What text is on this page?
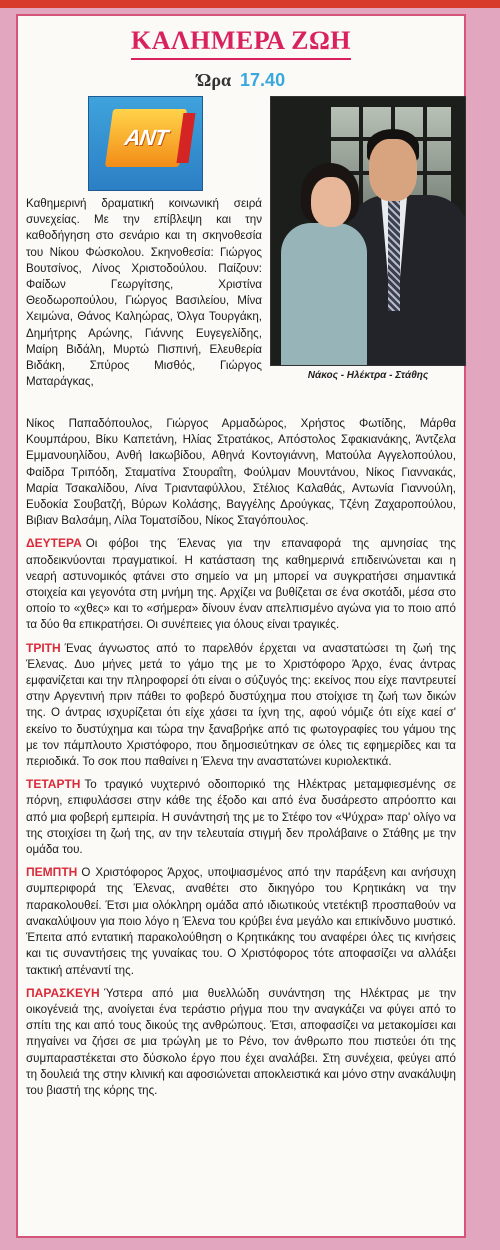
ΚΑΛΗΜΕΡΑ ΖΩΗ
Ώρα 17.40
ΑΝΤ
Καθημερινή δραματική κοινωνική σειρά συνεχείας. Με την επίβλεψη και την καθοδήγηση στο σενάριο και τη σκηνοθεσία του Νίκου Φώσκολου. Σκηνοθεσία: Γιώργος Βουτσίνος, Λίνος Χριστοδούλου. Παίζουν: Φαίδων Γεωργίτσης, Χριστίνα Θεοδωροπούλου, Γιώργος Βασιλείου, Μίνα Χειμώνα, Θάνος Καληώρας, Όλγα Τουργάκη, Δημήτρης Αρώνης, Γιάννης Ευγεγελίδης, Μαίρη Βιδάλη, Μυρτώ Πισπινή, Ελευθερία Βιδάκη, Σπύρος Μισθός, Γιώργος Ματαράγκας,	Νάκος - Ηλέκτρα - Στάθης
Νίκος Παπαδόπουλος, Γιώργος Αρμαδώρος, Χρήστος Φωτίδης, Μάρθα Κουμπάρου, Βίκυ Καπετάνη, Ηλίας Στρατάκος, Απόστολος Σφακιανάκης, Άντζελα Εμμανουηλίδου, Ανθή Ιακωβίδου, Αθηνά Κοντογιάννη, Ματούλα Αγγελοπούλου, Φαίδρα Τριπόδη, Σταματίνα Στουραΐτη, Φούλμαν Μουντάνου, Νίκος Γιαννακάς, Μαρία Τσακαλίδου, Λίνα Τριανταφύλλου, Στέλιος Καλαθάς, Αντωνία Γιαννούλη, Ευδοκία Σουβατζή, Βύρων Κολάσης, Βαγγέλης Δρούγκας, Τζένη Ζαχαροπούλου, Βιβιαν Βαλσάμη, Λίλα Τοματσίδου, Νίκος Σταγόπουλος.
ΔΕΥΤΕΡΑ Οι φόβοι της Έλενας για την επαναφορά της αμνησίας της αποδεικνύονται πραγματικοί. Η κατάσταση της καθημερινά επιδεινώνεται και η νεαρή αστυνομικός φτάνει στο σημείο να μη μπορεί να συγκρατήσει σημαντικά στοιχεία και γεγονότα στη μνήμη της. Αρχίζει να βυθίζεται σε ένα σκοτάδι, μέσα στο οποίο το «χθες» και το «σήμερα» δίνουν έναν απελπισμένο αγώνα για το ποιο από τα δύο θα επικρατήσει. Οι συνέπειες για όλους είναι τραγικές.
ΤΡΙΤΗ Ένας άγνωστος από το παρελθόν έρχεται να αναστατώσει τη ζωή της Έλενας. Δυο μήνες μετά το γάμο της με το Χριστόφορο Άρχο, ένας άντρας εμφανίζεται και την πληροφορεί ότι είναι ο σύζυγός της: εκείνος που είχε παντρευτεί στην Αργεντινή πριν πάθει το φοβερό δυστύχημα που στοίχισε τη ζωή των δικών της. Ο άντρας ισχυρίζεται ότι είχε χάσει τα ίχνη της, αφού νόμιζε ότι είχε καεί σ' εκείνο το δυστύχημα και τώρα την ξαναβρήκε από τις φωτογραφίες του γάμου της με τον πάμπλουτο Χριστόφορο, που δημοσιεύτηκαν σε όλες τις εφημερίδες και τα περιοδικά. Το σοκ που παθαίνει η Έλενα την αναστατώνει κυριολεκτικά.
ΤΕΤΑΡΤΗ Το τραγικό νυχτερινό οδοιπορικό της Ηλέκτρας μεταμφιεσμένης σε πόρνη, επιφυλάσσει στην κάθε της έξοδο και από ένα δυσάρεστο απρόοπτο και από μια φοβερή εμπειρία. Η συνάντησή της με το Στέφο τον «Ψύχρα» παρ' ολίγο να της στοιχίσει τη ζωή της, αν την τελευταία στιγμή δεν προλάβαινε ο Στάθης με την ομάδα του.
ΠΕΜΠΤΗ Ο Χριστόφορος Άρχος, υποψιασμένος από την παράξενη και ανήσυχη συμπεριφορά της Έλενας, αναθέτει στο δικηγόρο του Κρητικάκη να την παρακολουθεί. Έτσι μια ολόκληρη ομάδα από ιδιωτικούς ντετέκτιβ προσπαθούν να ανακαλύψουν για ποιο λόγο η Έλενα του κρύβει ένα μεγάλο και επικίνδυνο μυστικό. Έπειτα από εντατική παρακολούθηση ο Κρητικάκης του αναφέρει όλες τις κινήσεις και τις συναντήσεις της γυναίκας του. Ο Χριστόφορος τότε αποφασίζει να αλλάξει τακτική απέναντί της.
ΠΑΡΑΣΚΕΥΗ Ύστερα από μια θυελλώδη συνάντηση της Ηλέκτρας με την οικογένειά της, ανοίγεται ένα τεράστιο ρήγμα που την αναγκάζει να φύγει από το σπίτι της και από τους δικούς της ανθρώπους. Έτσι, αποφασίζει να μετακομίσει και πηγαίνει να ζήσει σε μια τρώγλη με το Ρένο, τον άνθρωπο που πιστεύει ότι της συμπαραστέκεται στο δύσκολο έργο που έχει αναλάβει. Στη συνέχεια, φεύγει από τη δουλειά της στην κλινική και αφοσιώνεται αποκλειστικά και μόνο στην ανακάλυψη του βιαστή της κόρης της.
